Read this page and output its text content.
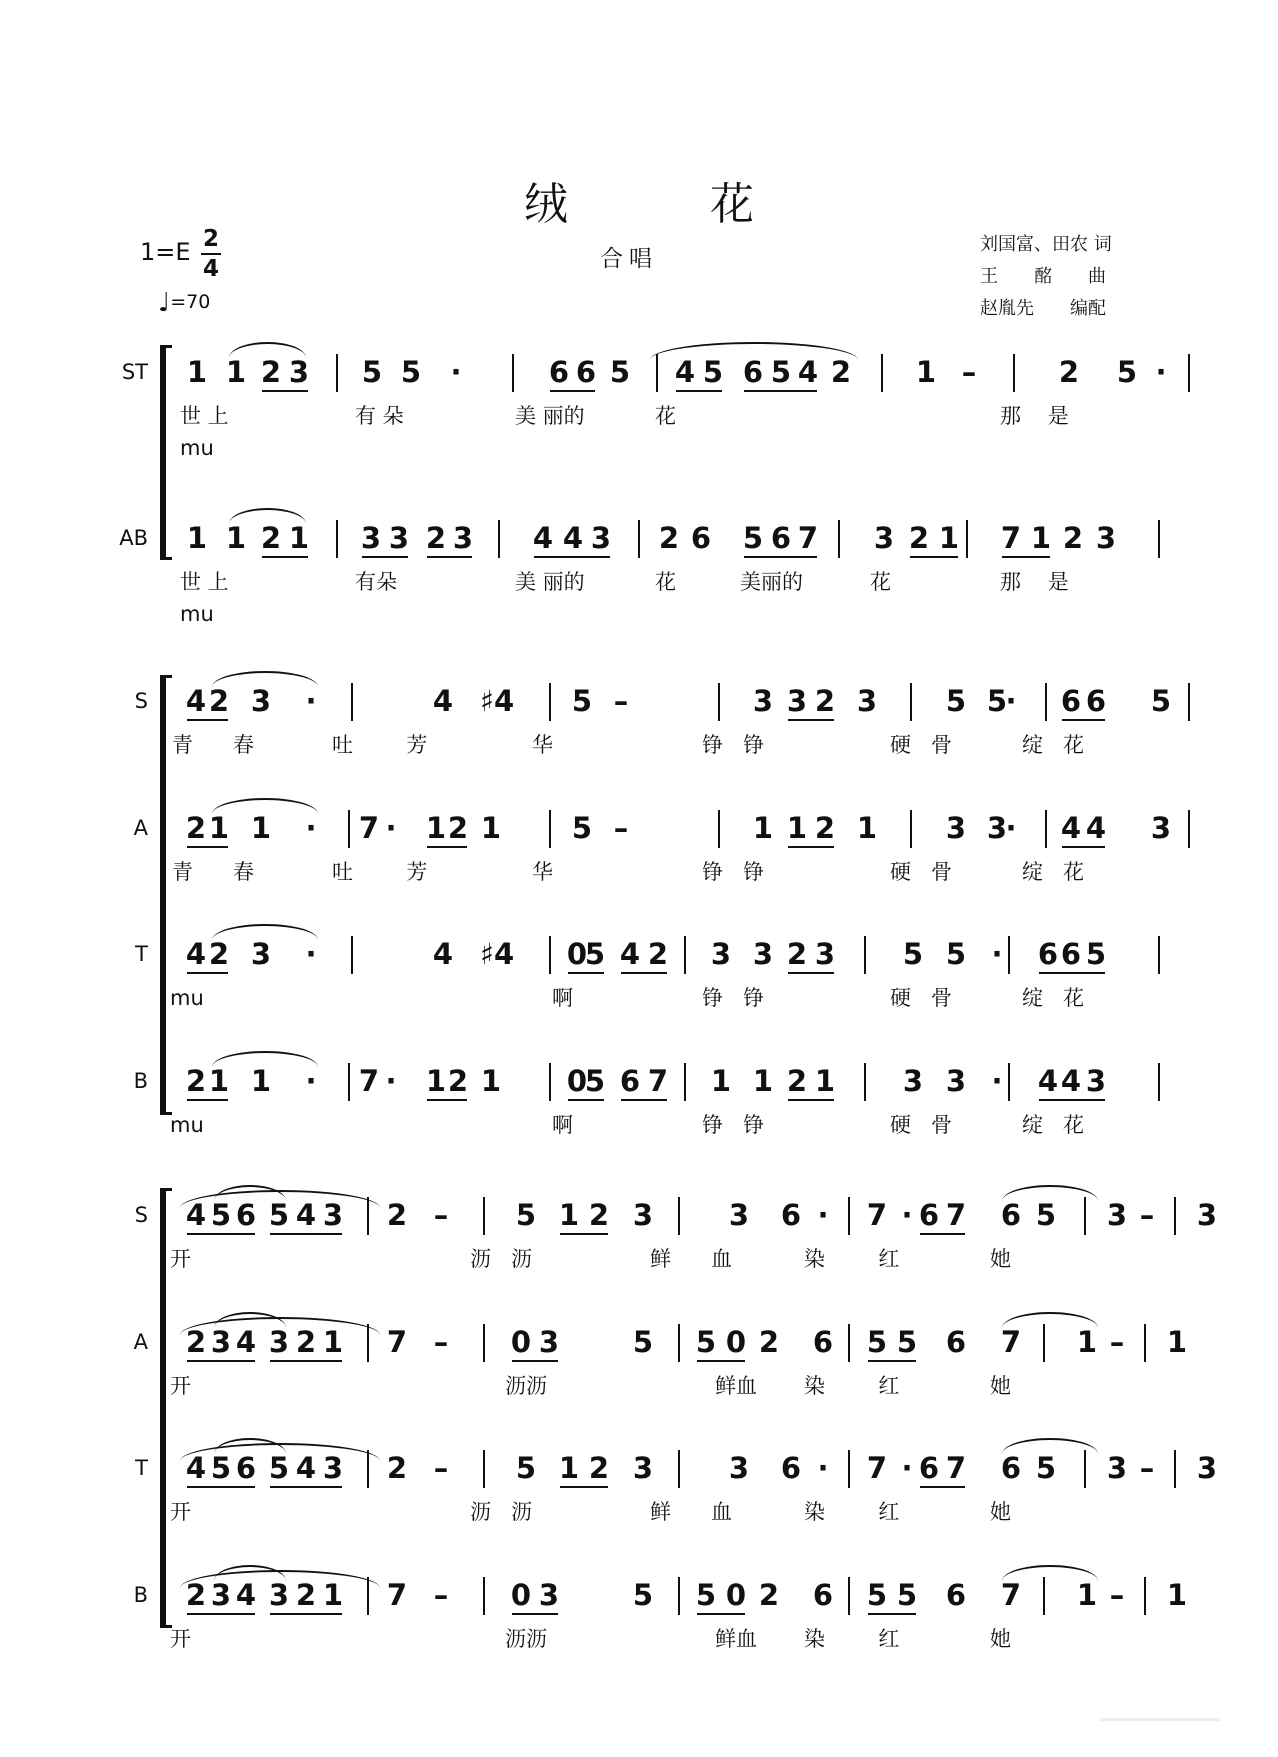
绒 花
合唱
1=E 2
4
♩=70
刘国富、田农 词
王　　酩　　曲
赵胤先　　编配
ST 1 1 2 3 5 5 ·	6 6 5 4 5 6 5 4 2 1 –	2 5 ·
世 上	有 朵	美 丽的	花	那    是
mu
AB 1 1 2 1 3 3 2 3 4 4 3 2 6 5 6 7 3 2 1 7 1 2 3
世 上	有朵	美 丽的	花	美丽的	花	那    是
mu
S 4 2 3 ·	4 ♯4 5 –	3 3 2 3 5 5
· 6 6 5
青      春	吐        芳	华	铮   铮	硬   骨	绽   花
A 2 1 1 · 7 · 1 2 1 5 –	1 1 2 1 3 3
· 4 4 3
青      春	吐        芳	华	铮   铮	硬   骨	绽   花
T 4 2 3 ·	4 ♯4 0
5 4 2 3 3 2 3 5 5 · 6 6 5
mu	啊	铮   铮	硬   骨	绽   花
B 2 1 1 · 7 · 1 2 1 0
5 6 7 1 1 2 1 3 3 · 4 4 3
mu	啊	铮   铮	硬   骨	绽   花
S 4 5 6 5 4 3 2 – 5 1 2 3	3 6 · 7 · 6 7 6 5 3 – 3
开	沥   沥	鲜      血	染        红	她
A 2 3 4 3 2 1 7 – 0 3	5 5 0 2 6 5 5 6 7 1 – 1
开	沥沥	鲜血 染        红	她
T 4 5 6 5 4 3 2 – 5 1 2 3	3 6 · 7 · 6 7 6 5 3 – 3
开	沥   沥	鲜      血	染        红	她
B 2 3 4 3 2 1 7 – 0 3	5 5 0 2 6 5 5 6 7 1 – 1
开	沥沥	鲜血 染        红	她
